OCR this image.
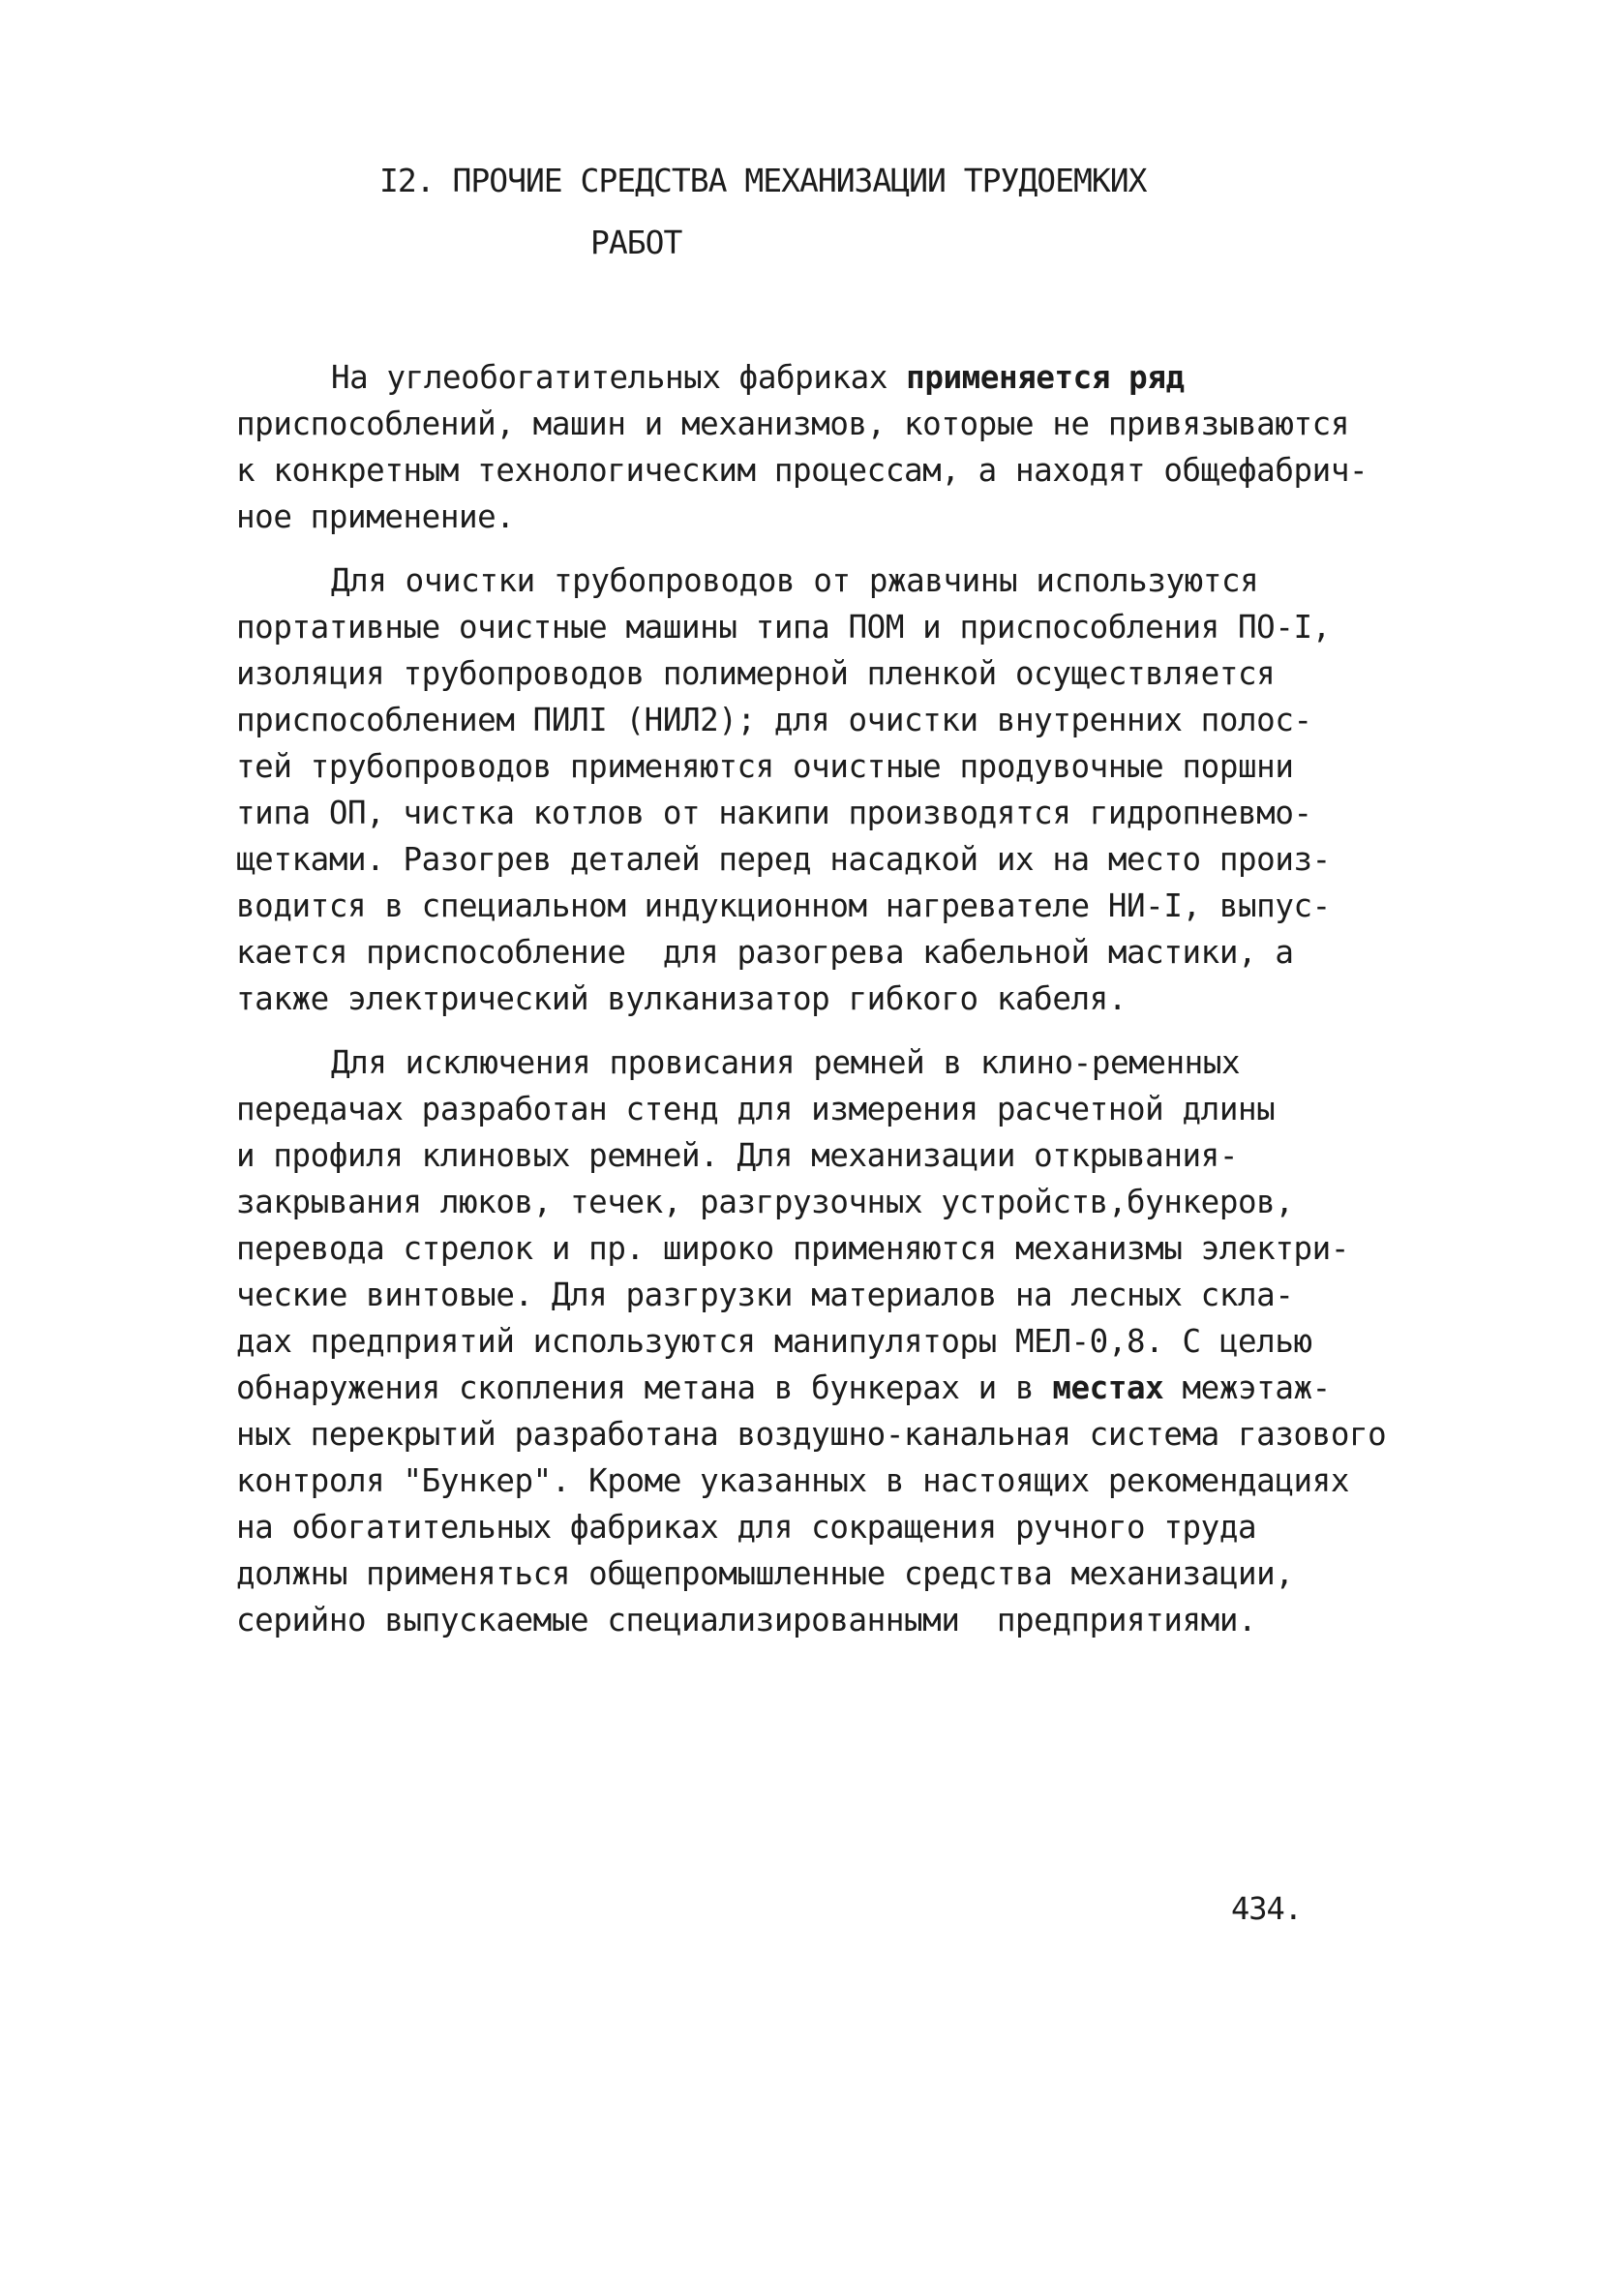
I2. ПРОЧИЕ СРЕДСТВА МЕХАНИЗАЦИИ ТРУДОЕМКИХ
РАБОТ
На углеобогатительных фабриках применяется ряд
приспособлений, машин и механизмов, которые не привязываются
к конкретным технологическим процессам, а находят общефабрич-
ное применение.
Для очистки трубопроводов от ржавчины используются
портативные очистные машины типа ПОМ и приспособления ПО-I,
изоляция трубопроводов полимерной пленкой осуществляется
приспособлением ПИЛI (НИЛ2); для очистки внутренних полос-
тей трубопроводов применяются очистные продувочные поршни
типа ОП, чистка котлов от накипи производятся гидропневмо-
щетками. Разогрев деталей перед насадкой их на место произ-
водится в специальном индукционном нагревателе НИ-I, выпус-
кается приспособление  для разогрева кабельной мастики, а
также электрический вулканизатор гибкого кабеля.
Для исключения провисания ремней в клино-ременных
передачах разработан стенд для измерения расчетной длины
и профиля клиновых ремней. Для механизации открывания-
закрывания люков, течек, разгрузочных устройств,бункеров,
перевода стрелок и пр. широко применяются механизмы электри-
ческие винтовые. Для разгрузки материалов на лесных скла-
дах предприятий используются манипуляторы МЕЛ-0,8. С целью
обнаружения скопления метана в бункерах и в местах межэтаж-
ных перекрытий разработана воздушно-канальная система газового
контроля "Бункер". Кроме указанных в настоящих рекомендациях
на обогатительных фабриках для сокращения ручного труда
должны применяться общепромышленные средства механизации,
серийно выпускаемые специализированными  предприятиями.
434.
